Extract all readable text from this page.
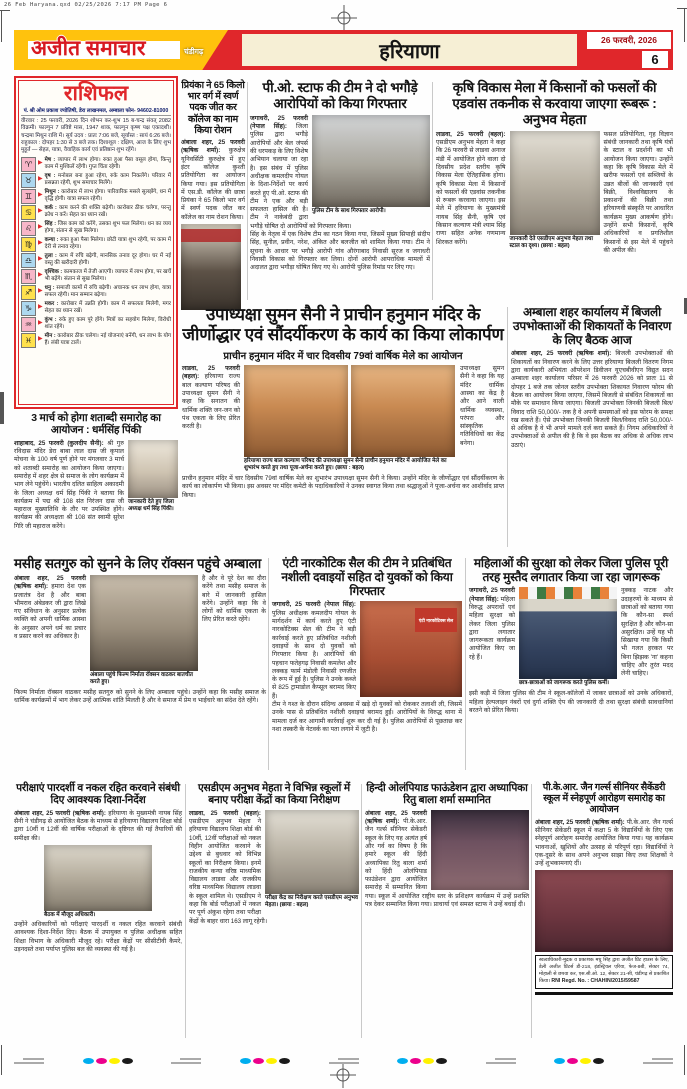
26 Feb Haryana.qxd 02/25/2026 7:17 PM Page 6
अजीत समाचार	चंडीगढ़	हरियाणा
26 फरवरी, 2026
6
राशिफल
पं. श्री ओम प्रकाश ज्योतिषी, डेरा लाखनमल, अम्बाला फोन- 94602-81000
वीरवार : 25 फरवरी, 2026 दिन शोभन कर-शुभ 15 ब-चन्द्र संवत् 2082 विक्रमी। फाल्गुन 7 प्रविष्टे मास, 1947 शाक, फाल्गुन कृष्ण पक्ष एकादशी। चन्द्रमा मिथुन राशि में। सूर्य उदय : प्रातः 7:06 बजे, सूर्यास्त : सायं 6:26 बजे। राहुकाल : दोपहर 1:30 से 3 बजे तक। दिशाशूल : दक्षिण, आज के लिए शुभ मुहूर्त — सेहत, यात्रा, वैवाहिक कार्य एवं प्रतिष्ठान शुभ रहेंगे।
♈ ▶ मेष : व्यापार में लाभ होगा। रुका हुआ पैसा वसूल होगा, किन्तु काम में मुश्किलें रहेंगी। गुप्त चिंता रहेगी।
♉ ▶ वृष : मनोबल बना हुआ रहेगा, रुके काम निकलेंगे। परिवार में प्रसन्नता रहेगी, शुभ समाचार मिलेंगे।
♊ ▶ मिथुन : कारोबार में लाभ होगा। पारिवारिक मसले सुलझेंगे, धन में वृद्धि होगी। यात्रा सफल रहेगी।
♋ ▶ कर्क : काम करने की शक्ति बढ़ेगी। कारोबार ठीक चलेगा, परन्तु क्रोध न करें। सेहत का ध्यान रखें।
♌ ▶ सिंह : जिस काम को करेंगे, उसका शुभ फल मिलेगा। धन का व्यय होगा, संतान से सुख मिलेगा।
♍ ▶ कन्या : रुका हुआ पैसा मिलेगा। छोटी यात्रा शुभ रहेगी, पर काम में देरी से तनाव रहेगा।
♎ ▶ तुला : काम में रुचि बढ़ेगी, मानसिक तनाव दूर होगा। घर में नई वस्तु की खरीदारी होगी।
♏ ▶ वृश्चिक : कामकाज में तेजी आएगी। व्यापार में लाभ होगा, पर खर्चे भी बढ़ेंगे। संतान से सुख मिलेगा।
♐ ▶ धनु : समाजी कामों में रुचि बढ़ेगी। अचानक धन लाभ होगा, यात्रा सफल रहेगी। मान सम्मान बढ़ेगा।
♑ ▶ मकर : कारोबार में उन्नति होगी। काम में सफलता मिलेगी, मगर सेहत का ध्यान रखें।
♒ ▶ कुंभ : रुके हुए काम पूरे होंगे। मित्रों का सहयोग मिलेगा, विरोधी शांत रहेंगे।
♓ ▶ मीन : कारोबार ठीक चलेगा। नई योजनाएं बनेंगी, धन लाभ के योग हैं। लंबी यात्रा टालें।
प्रियंका ने 65 किलो भार वर्ग में स्वर्ण पदक जीत कर कॉलेज का नाम किया रोशन

अंबाला शहर, 25 फरवरी (ऋषिक शर्मा): कुरुक्षेत्र यूनिवर्सिटी कुरुक्षेत्र में हुए इंटर कॉलेज कुश्ती प्रतियोगिता का आयोजन किया गया। इस प्रतियोगिता में एस.डी. कॉलेज की छात्रा प्रियंका ने 65 किलो भार वर्ग में स्वर्ण पदक जीत कर कॉलेज का नाम रोशन किया।

पी.ओ. स्टाफ की टीम ने दो भगौड़े आरोपियों को किया गिरफ्तार
पुलिस टीम के साथ गिरफ्तार आरोपी।

जगाधरी, 25 फरवरी (नेपाल सिंह): जिला पुलिस द्वारा भगौड़े आरोपियों और बेल जंपर्स की धरपकड़ के लिए विशेष अभियान चलाया जा रहा है। इस संबंध में पुलिस अधीक्षक कमलदीप गोयल के दिशा-निर्देशों पर कार्य करते हुए पी.ओ. स्टाफ की टीम ने एक और बड़ी सफलता हासिल की है। टीम ने नाकेबंदी द्वारा भगौड़े घोषित दो आरोपियों को गिरफ्तार किया।

सिंह के नेतृत्व में एक विशेष टीम का गठन किया गया, जिसमें मुख्य सिपाही संदीप सिंह, सुनील, प्रवीन, नरेश, अंकित और बलजीत को शामिल किया गया। टीम ने सूचना के आधार पर भगौड़े आरोपी गांव औरंगाबाद निवासी सूरज व जगाधरी निवासी विकास को गिरफ्तार कर लिया। दोनों आरोपी आपराधिक मामलों में अदालत द्वारा भगौड़ा घोषित किए गए थे। आरोपी पुलिस रिमांड पर लिए गए।

कृषि विकास मेला में किसानों को फसलों की एडवांस तकनीक से करवाया जाएगा रूबरू : अनुभव मेहता

लाडवा, 25 फरवरी (बहल): एसडीएम अनुभव मेहता ने कहा कि 26 फरवरी से लाडवा अनाज मंडी में आयोजित होने वाला दो दिवसीय प्रदेश स्तरीय कृषि विकास मेला ऐतिहासिक होगा। कृषि विकास मेला में किसानों को फसलों की एडवांस तकनीक से रूबरू करवाया जाएगा। इस मेले में हरियाणा के मुख्यमंत्री नायब सिंह सैनी, कृषि एवं किसान कल्याण मंत्री श्याम सिंह राणा सहित अनेक गणमान्य शिरकत करेंगे।	जानकारी देते एसडीएम अनुभव मेहता तथा स्टाल का दृश्य। (छाया : बहल)

फसल प्रतियोगिता, गृह विज्ञान संबंधी जानकारी तथा कृषि यंत्रों के स्टाल व प्रदर्शनी का भी आयोजन किया जाएगा। उन्होंने कहा कि कृषि विकास मेले में खरीफ फसलों एवं सब्जियों के उन्नत बीजों की जानकारी एवं बिक्री, विश्वविद्यालय के प्रकाशनों की बिक्री तथा हरियाणवी संस्कृति पर आधारित कार्यक्रम मुख्य आकर्षण होंगे। उन्होंने सभी किसानों, कृषि अधिकारियों व प्रगतिशील किसानों से इस मेले में पहुंचने की अपील की।

उपाध्यक्षा सुमन सैनी ने प्राचीन हनुमान मंदिर के जीर्णोद्धार एवं सौंदर्यीकरण के कार्य का किया लोकार्पण
प्राचीन हनुमान मंदिर में चार दिवसीय 79वां वार्षिक मेले का आयोजन

लाडवा, 25 फरवरी (बहल): हरियाणा राज्य बाल कल्याण परिषद की उपाध्यक्षा सुमन सैनी ने कहा कि सनातन की धार्मिक शक्ति जन-जन को पंथ एकता के लिए प्रेरित करती है।

हरियाणा राज्य बाल कल्याण परिषद की उपाध्यक्षा सुमन सैनी प्राचीन हनुमान मंदिर में आयोजित मेले का शुभारंभ करते हुए तथा पूजा-अर्चना करते हुए। (छाया : बहल)

उपाध्यक्षा सुमन सैनी ने कहा कि यह मंदिर धार्मिक आस्था का केंद्र है और आने वाली धार्मिक व्यवस्था, परंपरा और सांस्कृतिक गतिविधियों का केंद्र बनेगा।

प्राचीन हनुमान मंदिर में चार दिवसीय 79वां वार्षिक मेले का शुभारंभ उपाध्यक्षा सुमन सैनी ने किया। उन्होंने मंदिर के जीर्णोद्धार एवं सौंदर्यीकरण के कार्य का लोकार्पण भी किया। इस अवसर पर मंदिर कमेटी के पदाधिकारियों ने उनका स्वागत किया तथा श्रद्धालुओं ने पूजा-अर्चना कर आशीर्वाद प्राप्त किया।

अम्बाला शहर कार्यालय में बिजली उपभोक्ताओं की शिकायतों के निवारण के लिए बैठक आज

अंबाला शहर, 25 फरवरी (ऋषिक शर्मा): बिजली उपभोक्ताओं की शिकायतों का निवारण करने के लिए उत्तर हरियाणा बिजली वितरण निगम द्वारा कार्यकारी अभियंता ऑपरेशन डिवीजन यूएचबीवीएन विद्युत सदन अम्बाला शहर कार्यालय परिसर में 26 फरवरी 2026 को प्रातः 11 से दोपहर 1 बजे तक जोनल स्तरीय उपभोक्ता शिकायत निवारण फोरम की बैठक का आयोजन किया जाएगा, जिसमें बिजली से संबंधित शिकायतों का मौके पर समाधान किया जाएगा। बिजली उपभोक्ता जिनकी बिजली बिल/विवाद राशि 50,000/- तक है वे अपनी समस्याओं को इस फोरम के समक्ष रख सकते हैं। ऐसे उपभोक्ता जिनकी बिजली बिल/विवाद राशि 50,000/- से अधिक है वे भी अपने मामले दर्ज करा सकते हैं। निगम अधिकारियों ने उपभोक्ताओं से अपील की है कि वे इस बैठक का अधिक से अधिक लाभ उठाएं।

3 मार्च को होगा शताब्दी समारोह का आयोजन : धर्मसिंह पिंकी
जानकारी देते हुए जिला अध्यक्ष धर्म सिंह पिंकी।

शाहाबाद, 25 फरवरी (कुलदीप सैनी): श्री गुरु रविदास मंदिर डेरा बाबा लाल दास जी कृपाल मोचना के 100 वर्ष पूर्ण होने पर मंगलवार 3 मार्च को शताब्दी समारोह का आयोजन किया जाएगा। समारोह में शहर क्षेत्र से समाज के लोग कार्यक्रम में भाग लेने पहुंचेंगे। भारतीय दलित साहित्य अकादमी के जिला अध्यक्ष धर्म सिंह पिंकी ने बताया कि कार्यक्रम में पद्म श्री 108 संत निरंजन दास जी महाराज मुख्यातिथि के तौर पर उपस्थित होंगे। कार्यक्रम की अध्यक्षता श्री 108 संत स्वामी सुरेश गिरि जी महाराज करेंगे।

मसीह सतगुरु को सुनने के लिए रॉक्सन पहुंचे अम्बाला

अंबाला शहर, 25 फरवरी (ऋषिक शर्मा): हमारा देश एक प्रजातंत्र देश है और बाबा भीमराव अंबेडकर जी द्वारा लिखे गए संविधान के अनुसार प्रत्येक व्यक्ति को अपनी धार्मिक आस्था के अनुसार अपने धर्म का प्रचार व प्रसार करने का अधिकार है।

अंबाला पहुंचे फिल्म निर्माता रॉक्सन वाठकर बातचीत करते हुए।

है और वे पूरे देश का दौरा करेंगे तथा मसीह समाज के बारे में जानकारी हासिल करेंगे। उन्होंने कहा कि वे लोगों को धार्मिक एकता के लिए प्रेरित करते रहेंगे।

फिल्म निर्माता रॉक्सन वाठकर मसीह सतगुरु को सुनने के लिए अम्बाला पहुंचे। उन्होंने कहा कि मसीह समाज के धार्मिक कार्यक्रमों में भाग लेकर उन्हें आत्मिक शांति मिलती है और वे समाज में प्रेम व भाईचारे का संदेश देते रहेंगे।

एंटी नारकोटिक सैल की टीम ने प्रतिबंधित नशीली दवाइयों सहित दो युवकों को किया गिरफ्तार
एंटी नारकोटिक्स सेल

जगाधरी, 25 फरवरी (नेपाल सिंह): पुलिस अधीक्षक कमलदीप गोयल के मार्गदर्शन में कार्य करते हुए एंटी नारकोटिक्स सेल की टीम ने बड़ी कार्रवाई करते हुए प्रतिबंधित नशीली दवाइयों के साथ दो युवकों को गिरफ्तार किया है। आरोपियों की पहचान फतेहगढ़ निवासी कमलेश और लक्कड़ फार्म मंडोली निवासी रणजीत के रूप में हुई है। पुलिस ने उनके कब्जे से 825 ट्रामाडोल कैप्सूल बरामद किए हैं।

टीम ने गश्त के दौरान संदिग्ध अवस्था में खड़े दो युवकों को रोककर तलाशी ली, जिसमें उनके पास से प्रतिबंधित नशीली दवाइयां बरामद हुईं। आरोपियों के विरुद्ध थाना में मामला दर्ज कर आगामी कार्रवाई शुरू कर दी गई है। पुलिस आरोपियों से पूछताछ कर नशा तस्करी के नेटवर्क का पता लगाने में जुटी है।

महिलाओं की सुरक्षा को लेकर जिला पुलिस पूरी तरह मुस्तैद लगातार किया जा रहा जागरूक

जगाधरी, 25 फरवरी (नेपाल सिंह): महिला विरुद्ध अपराधों एवं महिला सुरक्षा को लेकर जिला पुलिस द्वारा लगातार जागरूकता कार्यक्रम आयोजित किए जा रहे हैं।

छात्र-छात्राओं को जागरूक करते पुलिस कर्मी।

नुक्कड़ नाटक और उदाहरणों के माध्यम से छात्राओं को बताया गया कि कौन-सा स्पर्श सुरक्षित है और कौन-सा असुरक्षित। उन्हें यह भी सिखाया गया कि किसी भी गलत हरकत पर बिना झिझक 'ना' कहना चाहिए और तुरंत मदद लेनी चाहिए।

इसी कड़ी में जिला पुलिस की टीम ने स्कूल-कॉलेजों में जाकर छात्राओं को उनके अधिकारों, महिला हेल्पलाइन नंबरों एवं दुर्गा शक्ति ऐप की जानकारी दी तथा सुरक्षा संबंधी सावधानियां बरतने को प्रेरित किया।

परीक्षाएं पारदर्शी व नकल रहित करवाने संबंधी दिए आवश्यक दिशा-निर्देश

अंबाला शहर, 25 फरवरी (ऋषिक शर्मा): हरियाणा के मुख्यमंत्री नायब सिंह सैनी ने चंडीगढ़ से आयोजित बैठक के माध्यम से हरियाणा विद्यालय शिक्षा बोर्ड द्वारा 10वीं व 12वीं की वार्षिक परीक्षाओं के दृष्टिगत की गई तैयारियों की समीक्षा की।

बैठक में मौजूद अधिकारी।

उन्होंने अधिकारियों को परीक्षाएं पारदर्शी व नकल रहित करवाने संबंधी आवश्यक दिशा-निर्देश दिए। बैठक में उपायुक्त व पुलिस अधीक्षक सहित शिक्षा विभाग के अधिकारी मौजूद रहे। परीक्षा केंद्रों पर सीसीटीवी कैमरे, उड़नदस्ते तथा पर्याप्त पुलिस बल की व्यवस्था की गई है।

एसडीएम अनुभव मेहता ने विभिन्न स्कूलों में बनाए परीक्षा केंद्रों का किया निरीक्षण
परीक्षा केंद्र का निरीक्षण करते एसडीएम अनुभव मेहता। (छाया : बहल)

लाडवा, 25 फरवरी (बहल): एसडीएम अनुभव मेहता ने हरियाणा विद्यालय शिक्षा बोर्ड की 10वीं, 12वीं परीक्षाओं को नकल विहीन आयोजित करवाने के उद्देश्य से बुधवार को विभिन्न स्कूलों का निरीक्षण किया। इनमें राजकीय कन्या वरिष्ठ माध्यमिक विद्यालय लाडवा और राजकीय वरिष्ठ माध्यमिक विद्यालय लाडवा के स्कूल शामिल थे। एसडीएम ने कहा कि बोर्ड परीक्षाओं में नकल पर पूर्ण अंकुश रहेगा तथा परीक्षा केंद्रों के बाहर धारा 163 लागू रहेगी।

हिन्दी ओलंपियाड फाऊंडेशन द्वारा अध्यापिका रितु बाला शर्मा सम्मानित

अंबाला शहर, 25 फरवरी (ऋषिक शर्मा): पी.के.आर. जैन गर्ल्स सीनियर सेकेंडरी स्कूल के लिए यह अत्यंत हर्ष और गर्व का विषय है कि हमारे स्कूल की हिंदी अध्यापिका रितु बाला शर्मा को हिंदी ओलंपियाड फाउंडेशन द्वारा आयोजित समारोह में सम्मानित किया गया। स्कूल में आयोजित राष्ट्रीय स्तर के प्रशिक्षण कार्यक्रम में उन्हें प्रशस्ति पत्र देकर सम्मानित किया गया। प्राचार्या एवं समस्त स्टाफ ने उन्हें बधाई दी।

पी.के.आर. जैन गर्ल्स सीनियर सैकेंडरी स्कूल में स्नेहपूर्ण आरोहण समारोह का आयोजन

अंबाला शहर, 25 फरवरी (ऋषिक शर्मा): पी.के.आर. जैन गर्ल्स सीनियर सेकेंडरी स्कूल में कक्षा 5 के विद्यार्थियों के लिए एक स्नेहपूर्ण आरोहण समारोह आयोजित किया गया। यह कार्यक्रम भावनाओं, खुशियों और उत्साह से परिपूर्ण रहा। विद्यार्थियों ने एक-दूसरे के साथ अपने अनुभव साझा किए तथा शिक्षकों ने उन्हें शुभकामनाएं दीं।

स्वत्वाधिकारी-मुद्रक व प्रकाशक मधु सिंह द्वारा अजीत प्रिंट हाउस के लिए, डेली अजीत प्रिंटर्स डी-218, इंडस्ट्रियल एरिया, फेज-8बी, सेक्टर 74, मोहाली से छपवा कर, एस.सी.ओ. 12, सेक्टर 21-सी, चंडीगढ़ से प्रकाशित किया। RNI Regd. No. : CHAHIN/2015/59587
